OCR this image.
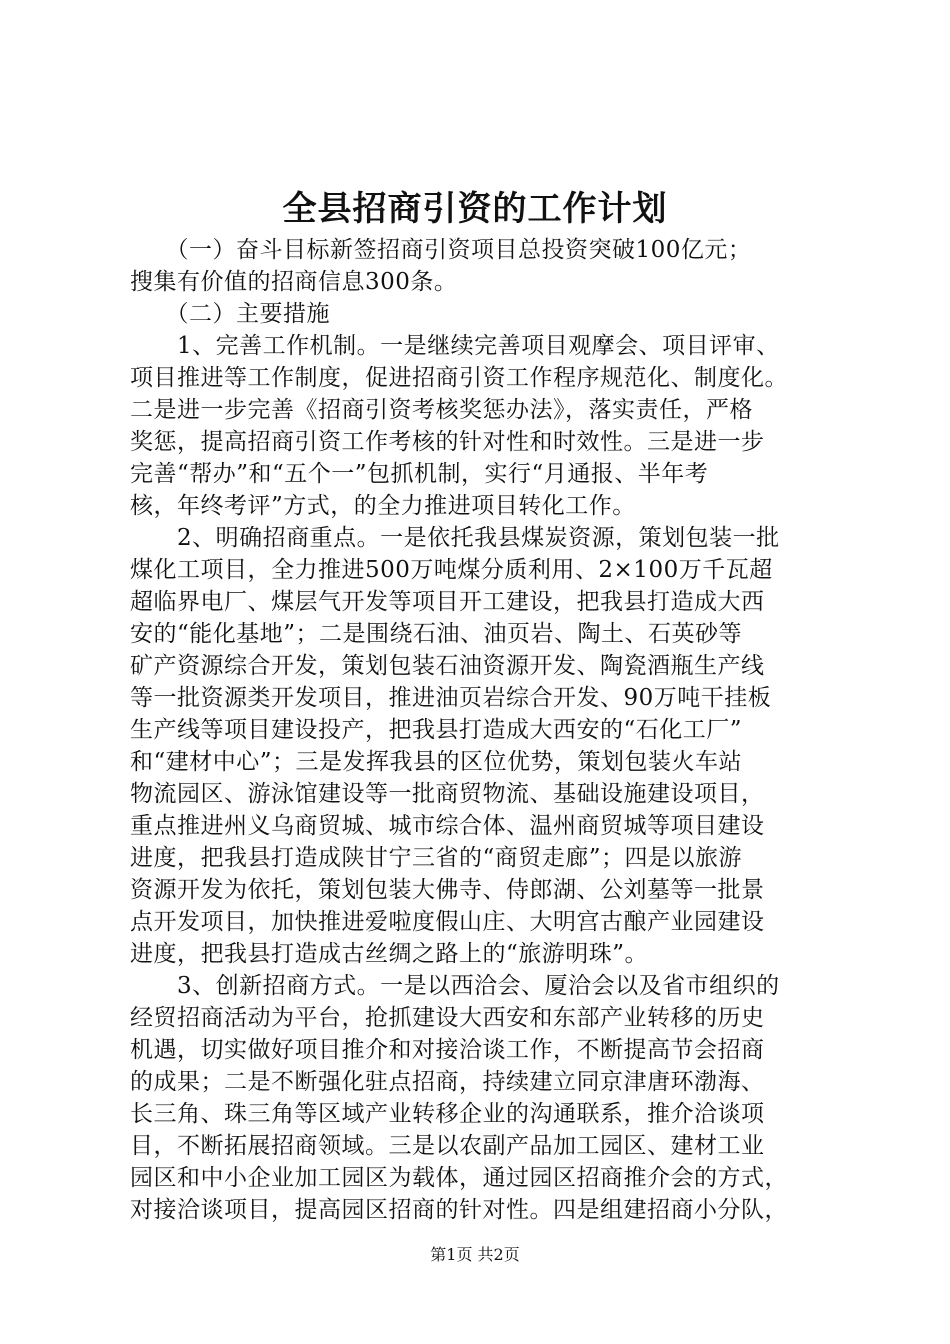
全县招商引资的工作计划
　　（一）奋斗目标新签招商引资项目总投资突破100亿元；
搜集有价值的招商信息300条。
　　（二）主要措施
　　1、完善工作机制。一是继续完善项目观摩会、项目评审、
项目推进等工作制度，促进招商引资工作程序规范化、制度化。
二是进一步完善《招商引资考核奖惩办法》，落实责任，严格
奖惩，提高招商引资工作考核的针对性和时效性。三是进一步
完善“帮办”和“五个一”包抓机制，实行“月通报、半年考
核，年终考评”方式，的全力推进项目转化工作。
　　2、明确招商重点。一是依托我县煤炭资源，策划包装一批
煤化工项目，全力推进500万吨煤分质利用、2×100万千瓦超
超临界电厂、煤层气开发等项目开工建设，把我县打造成大西
安的“能化基地”；二是围绕石油、油页岩、陶土、石英砂等
矿产资源综合开发，策划包装石油资源开发、陶瓷酒瓶生产线
等一批资源类开发项目，推进油页岩综合开发、90万吨干挂板
生产线等项目建设投产，把我县打造成大西安的“石化工厂”
和“建材中心”；三是发挥我县的区位优势，策划包装火车站
物流园区、游泳馆建设等一批商贸物流、基础设施建设项目，
重点推进州义乌商贸城、城市综合体、温州商贸城等项目建设
进度，把我县打造成陕甘宁三省的“商贸走廊”；四是以旅游
资源开发为依托，策划包装大佛寺、侍郎湖、公刘墓等一批景
点开发项目，加快推进爱啦度假山庄、大明宫古酿产业园建设
进度，把我县打造成古丝绸之路上的“旅游明珠”。
　　3、创新招商方式。一是以西洽会、厦洽会以及省市组织的
经贸招商活动为平台，抢抓建设大西安和东部产业转移的历史
机遇，切实做好项目推介和对接洽谈工作，不断提高节会招商
的成果；二是不断强化驻点招商，持续建立同京津唐环渤海、
长三角、珠三角等区域产业转移企业的沟通联系，推介洽谈项
目，不断拓展招商领域。三是以农副产品加工园区、建材工业
园区和中小企业加工园区为载体，通过园区招商推介会的方式，
对接洽谈项目，提高园区招商的针对性。四是组建招商小分队，
第1页 共2页
